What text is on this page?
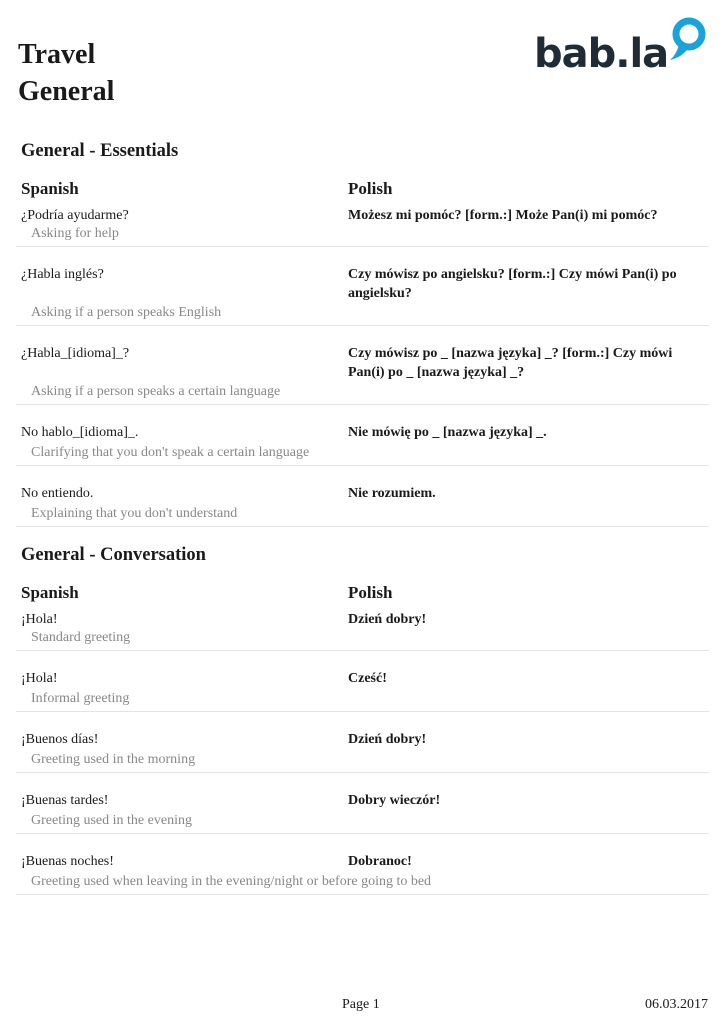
Travel
General
bab.la
General - Essentials
Spanish	Polish
¿Podría ayudarme?	Możesz mi pomóc? [form.:] Może Pan(i) mi pomóc?
Asking for help
¿Habla inglés?	Czy mówisz po angielsku? [form.:] Czy mówi Pan(i) po angielsku?
Asking if a person speaks English
¿Habla_[idioma]_?	Czy mówisz po _ [nazwa języka] _? [form.:] Czy mówi Pan(i) po _ [nazwa języka] _?
Asking if a person speaks a certain language
No hablo_[idioma]_.	Nie mówię po _ [nazwa języka] _.
Clarifying that you don't speak a certain language
No entiendo.	Nie rozumiem.
Explaining that you don't understand
General - Conversation
Spanish	Polish
¡Hola!	Dzień dobry!
Standard greeting
¡Hola!	Cześć!
Informal greeting
¡Buenos días!	Dzień dobry!
Greeting used in the morning
¡Buenas tardes!	Dobry wieczór!
Greeting used in the evening
¡Buenas noches!	Dobranoc!
Greeting used when leaving in the evening/night or before going to bed
Page 1	06.03.2017
